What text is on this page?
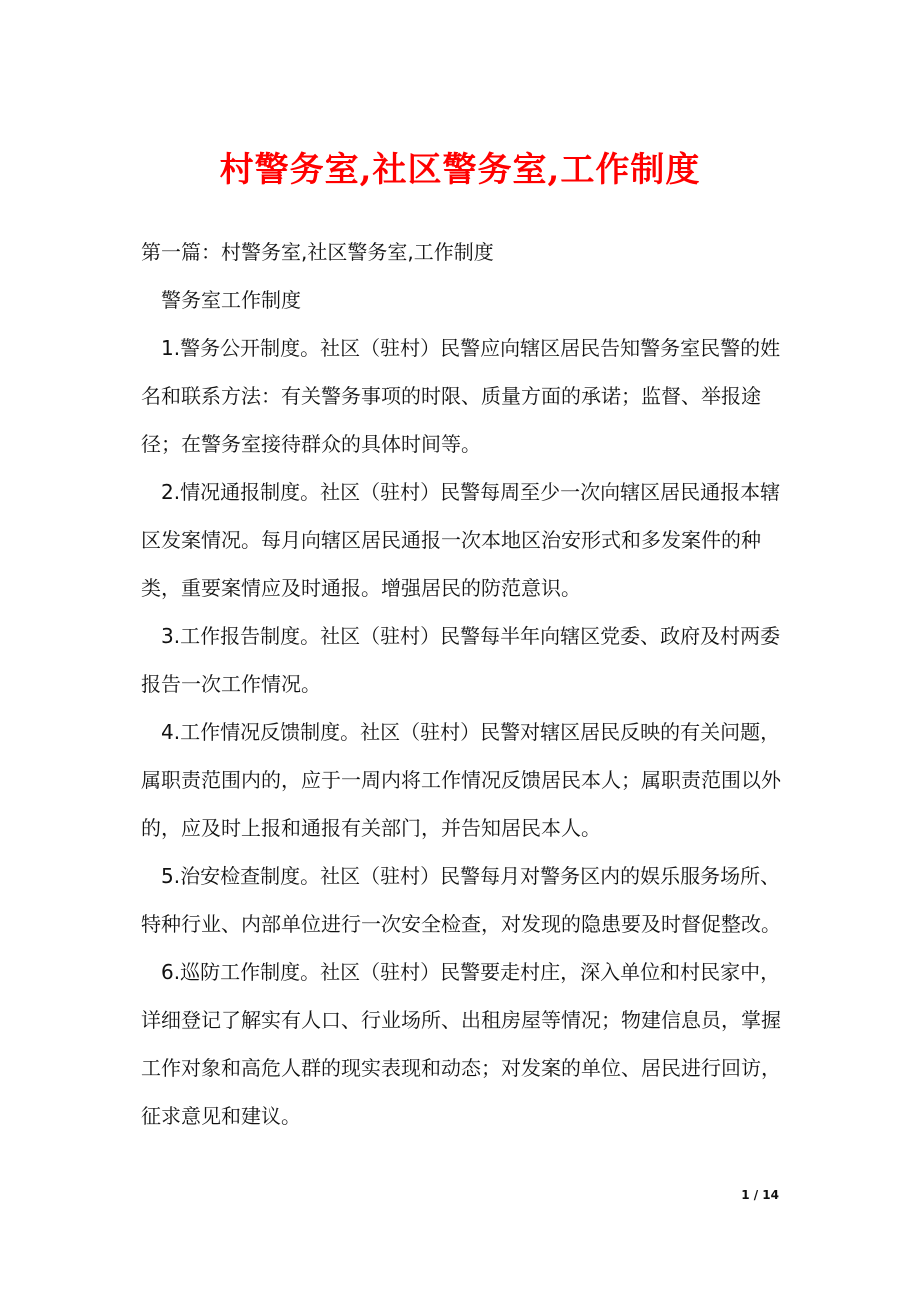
村警务室,社区警务室,工作制度

第一篇：村警务室,社区警务室,工作制度

警务室工作制度

1.警务公开制度。社区（驻村）民警应向辖区居民告知警务室民警的姓名和联系方法：有关警务事项的时限、质量方面的承诺；监督、举报途径；在警务室接待群众的具体时间等。

2.情况通报制度。社区（驻村）民警每周至少一次向辖区居民通报本辖区发案情况。每月向辖区居民通报一次本地区治安形式和多发案件的种类，重要案情应及时通报。增强居民的防范意识。

3.工作报告制度。社区（驻村）民警每半年向辖区党委、政府及村两委报告一次工作情况。

4.工作情况反馈制度。社区（驻村）民警对辖区居民反映的有关问题，属职责范围内的，应于一周内将工作情况反馈居民本人；属职责范围以外的，应及时上报和通报有关部门，并告知居民本人。

5.治安检查制度。社区（驻村）民警每月对警务区内的娱乐服务场所、特种行业、内部单位进行一次安全检查，对发现的隐患要及时督促整改。

6.巡防工作制度。社区（驻村）民警要走村庄，深入单位和村民家中，详细登记了解实有人口、行业场所、出租房屋等情况；物建信息员，掌握工作对象和高危人群的现实表现和动态；对发案的单位、居民进行回访，征求意见和建议。

1 / 14
